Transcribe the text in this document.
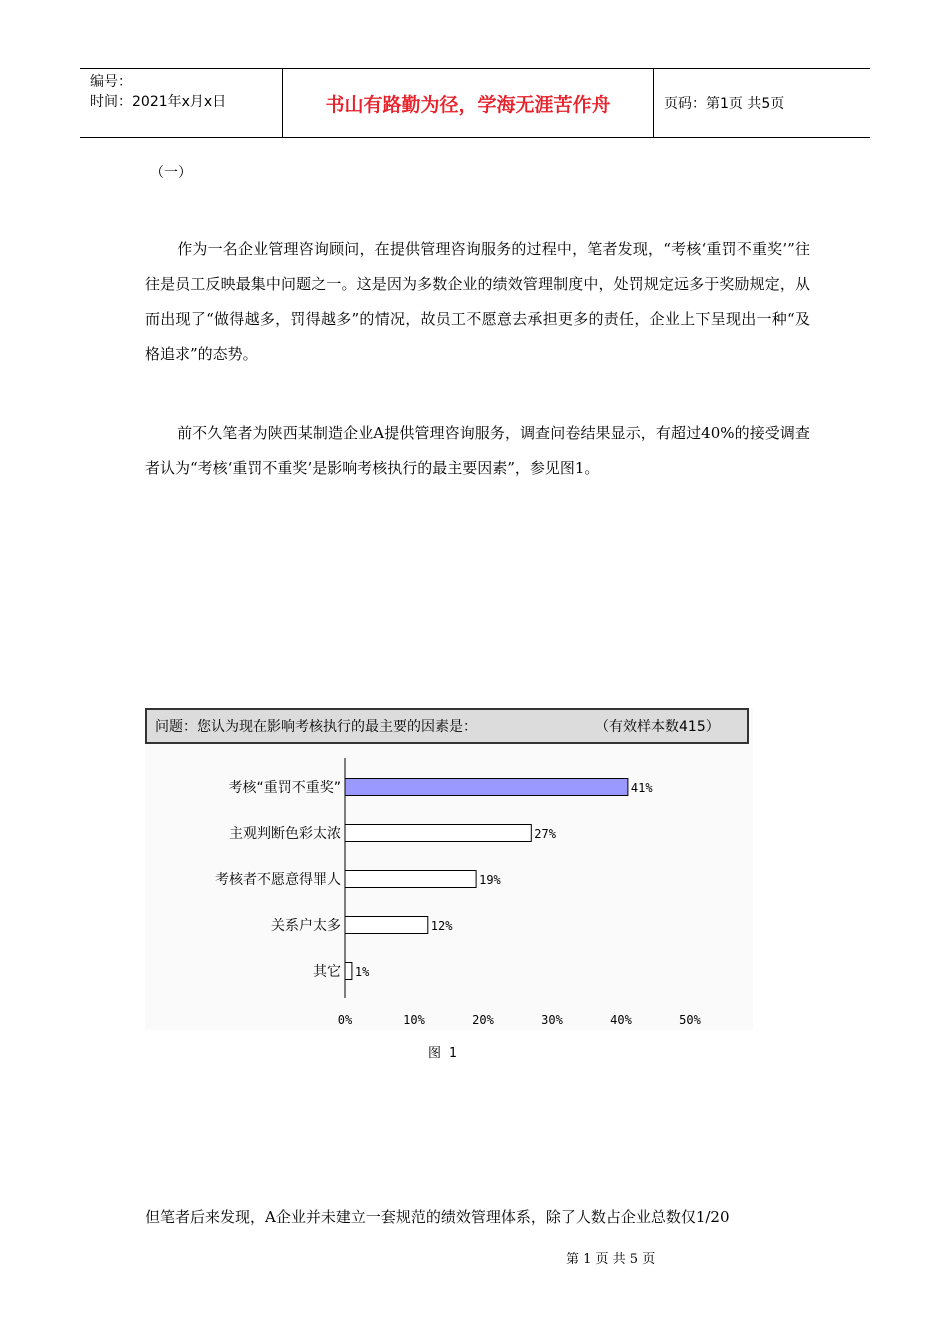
编号：
时间：2021年x月x日	书山有路勤为径，学海无涯苦作舟	页码：第1页 共5页
（一）

作为一名企业管理咨询顾问，在提供管理咨询服务的过程中，笔者发现，“考核‘重罚不重奖’”往往是员工反映最集中问题之一。这是因为多数企业的绩效管理制度中，处罚规定远多于奖励规定，从而出现了“做得越多，罚得越多”的情况，故员工不愿意去承担更多的责任，企业上下呈现出一种“及格追求”的态势。

前不久笔者为陕西某制造企业A提供管理咨询服务，调查问卷结果显示，有超过40%的接受调查者认为“考核‘重罚不重奖’是影响考核执行的最主要因素”，参见图1。

问题：您认为现在影响考核执行的最主要的因素是：	（有效样本数415）
考核“重罚不重奖”	41%
主观判断色彩太浓	27%
考核者不愿意得罪人	19%
关系户太多	12%
其它 1%
0%	10%	20%	30%	40%	50%
图 1

但笔者后来发现，A企业并未建立一套规范的绩效管理体系，除了人数占企业总数仅1/20

第 1 页 共 5 页
